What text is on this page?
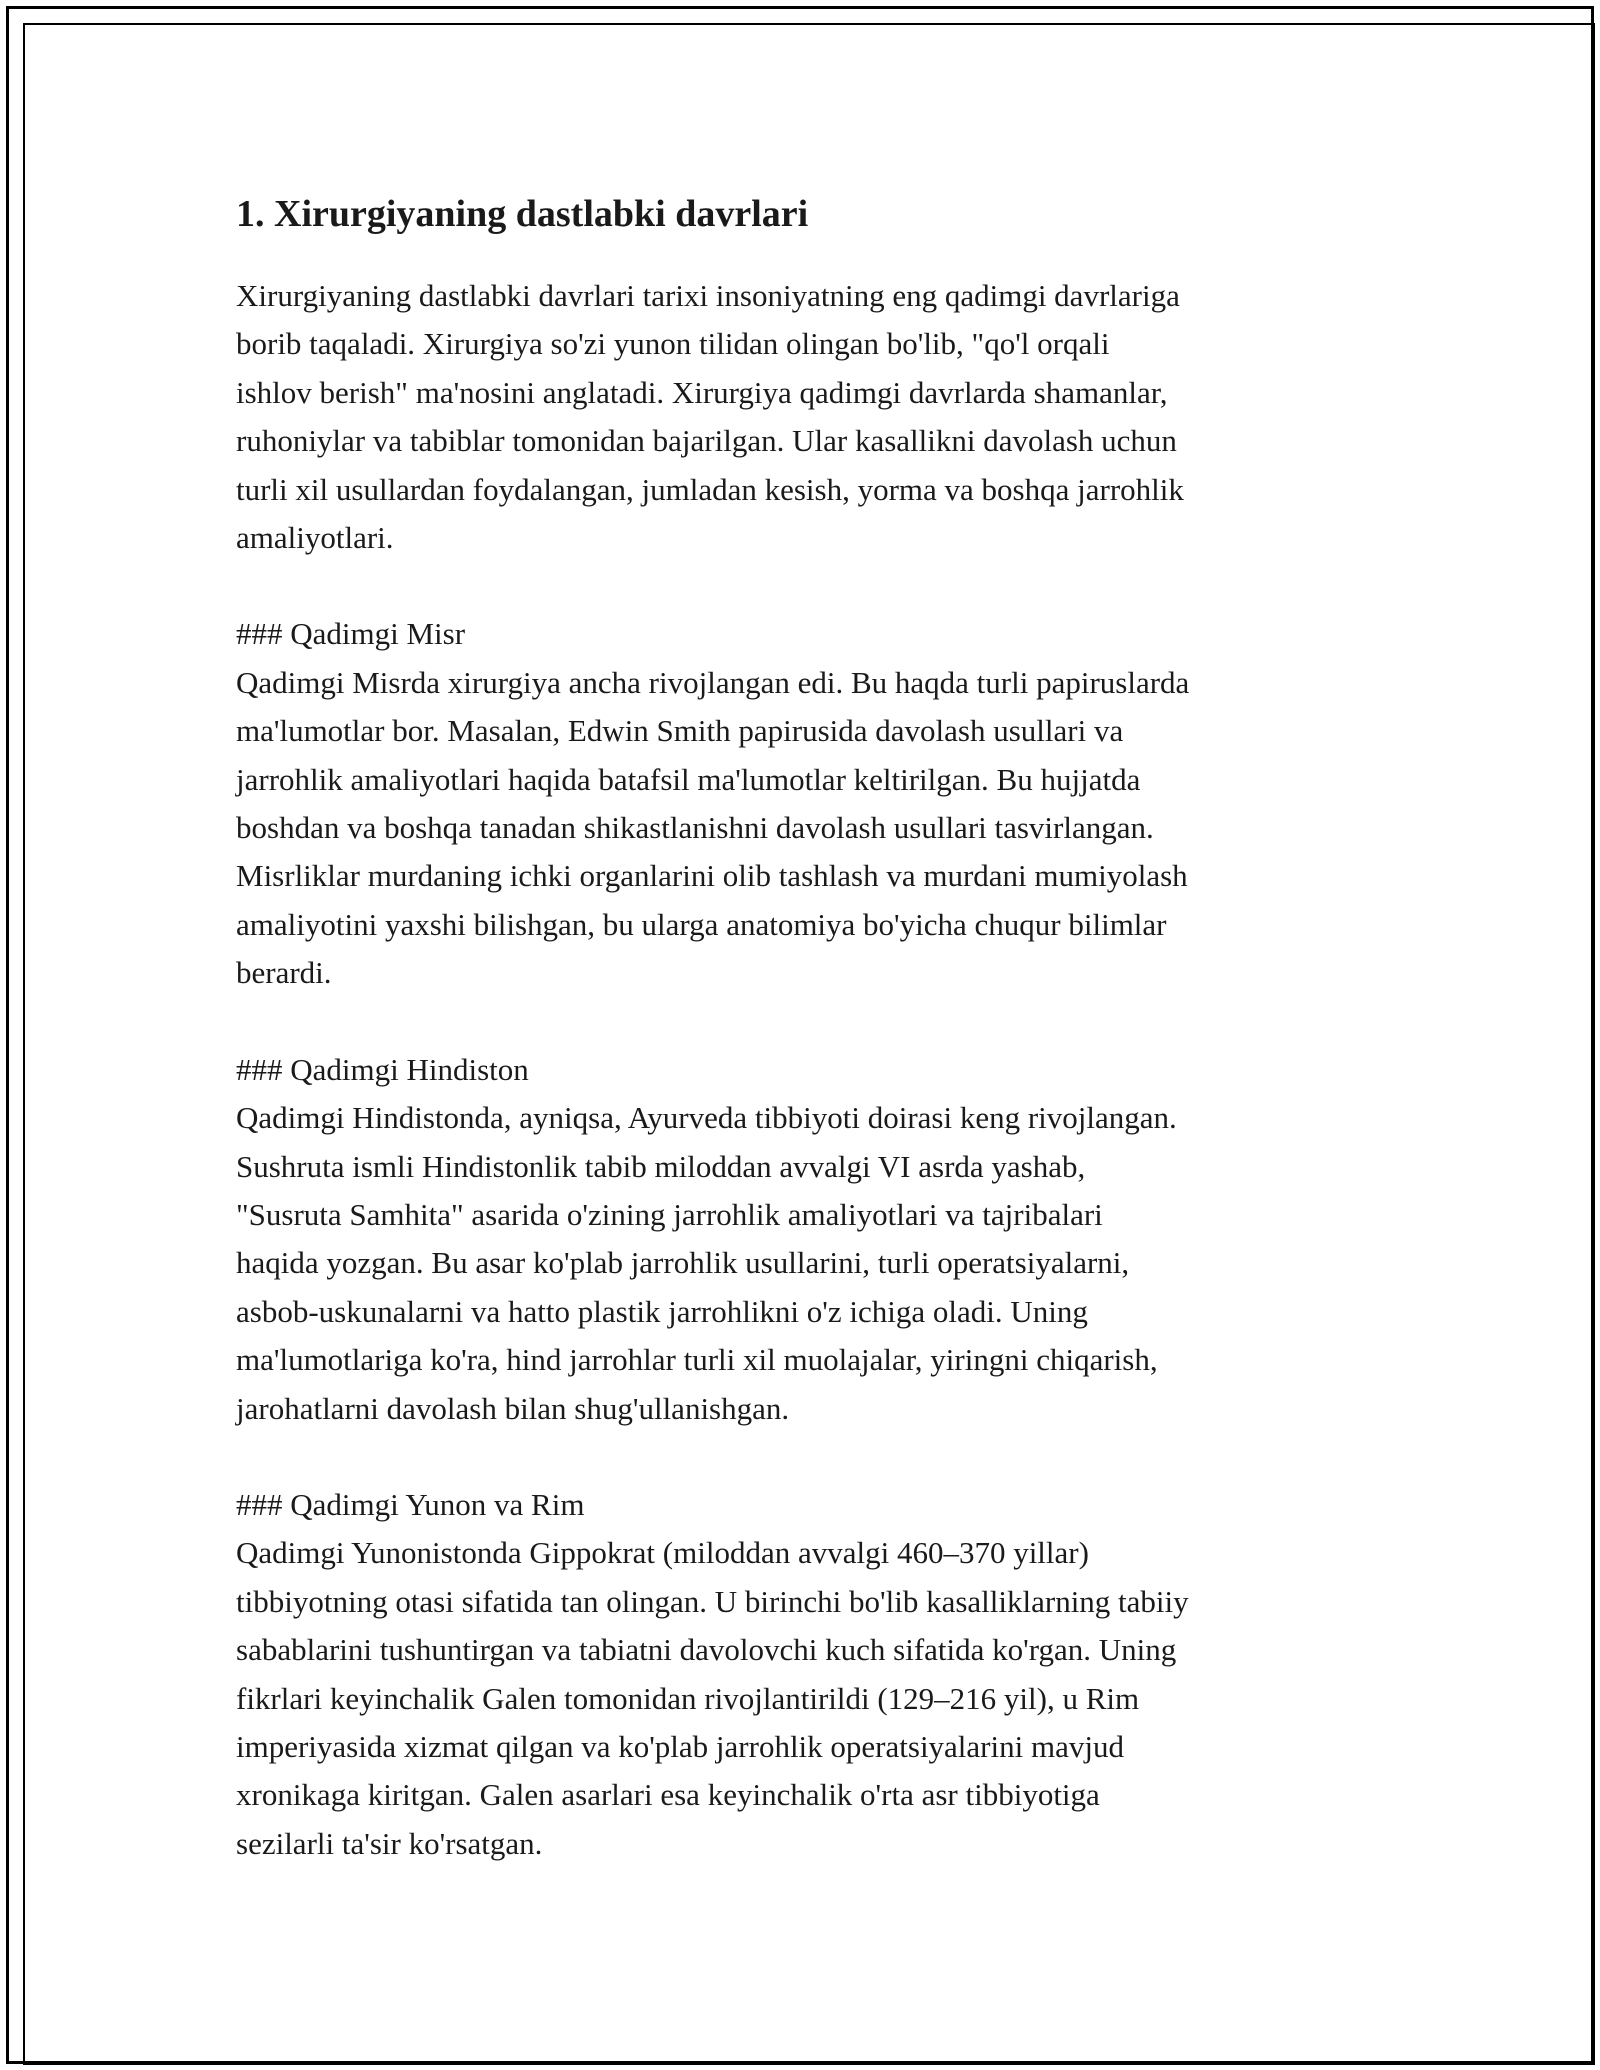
1. Xirurgiyaning dastlabki davrlari

Xirurgiyaning dastlabki davrlari tarixi insoniyatning eng qadimgi davrlariga
borib taqaladi. Xirurgiya so'zi yunon tilidan olingan bo'lib, "qo'l orqali
ishlov berish" ma'nosini anglatadi. Xirurgiya qadimgi davrlarda shamanlar,
ruhoniylar va tabiblar tomonidan bajarilgan. Ular kasallikni davolash uchun
turli xil usullardan foydalangan, jumladan kesish, yorma va boshqa jarrohlik
amaliyotlari.

### Qadimgi Misr

Qadimgi Misrda xirurgiya ancha rivojlangan edi. Bu haqda turli papiruslarda
ma'lumotlar bor. Masalan, Edwin Smith papirusida davolash usullari va
jarrohlik amaliyotlari haqida batafsil ma'lumotlar keltirilgan. Bu hujjatda
boshdan va boshqa tanadan shikastlanishni davolash usullari tasvirlangan.
Misrliklar murdaning ichki organlarini olib tashlash va murdani mumiyolash
amaliyotini yaxshi bilishgan, bu ularga anatomiya bo'yicha chuqur bilimlar
berardi.

### Qadimgi Hindiston

Qadimgi Hindistonda, ayniqsa, Ayurveda tibbiyoti doirasi keng rivojlangan.
Sushruta ismli Hindistonlik tabib miloddan avvalgi VI asrda yashab,
"Susruta Samhita" asarida o'zining jarrohlik amaliyotlari va tajribalari
haqida yozgan. Bu asar ko'plab jarrohlik usullarini, turli operatsiyalarni,
asbob-uskunalarni va hatto plastik jarrohlikni o'z ichiga oladi. Uning
ma'lumotlariga ko'ra, hind jarrohlar turli xil muolajalar, yiringni chiqarish,
jarohatlarni davolash bilan shug'ullanishgan.

### Qadimgi Yunon va Rim

Qadimgi Yunonistonda Gippokrat (miloddan avvalgi 460–370 yillar)
tibbiyotning otasi sifatida tan olingan. U birinchi bo'lib kasalliklarning tabiiy
sabablarini tushuntirgan va tabiatni davolovchi kuch sifatida ko'rgan. Uning
fikrlari keyinchalik Galen tomonidan rivojlantirildi (129–216 yil), u Rim
imperiyasida xizmat qilgan va ko'plab jarrohlik operatsiyalarini mavjud
xronikaga kiritgan. Galen asarlari esa keyinchalik o'rta asr tibbiyotiga
sezilarli ta'sir ko'rsatgan.
